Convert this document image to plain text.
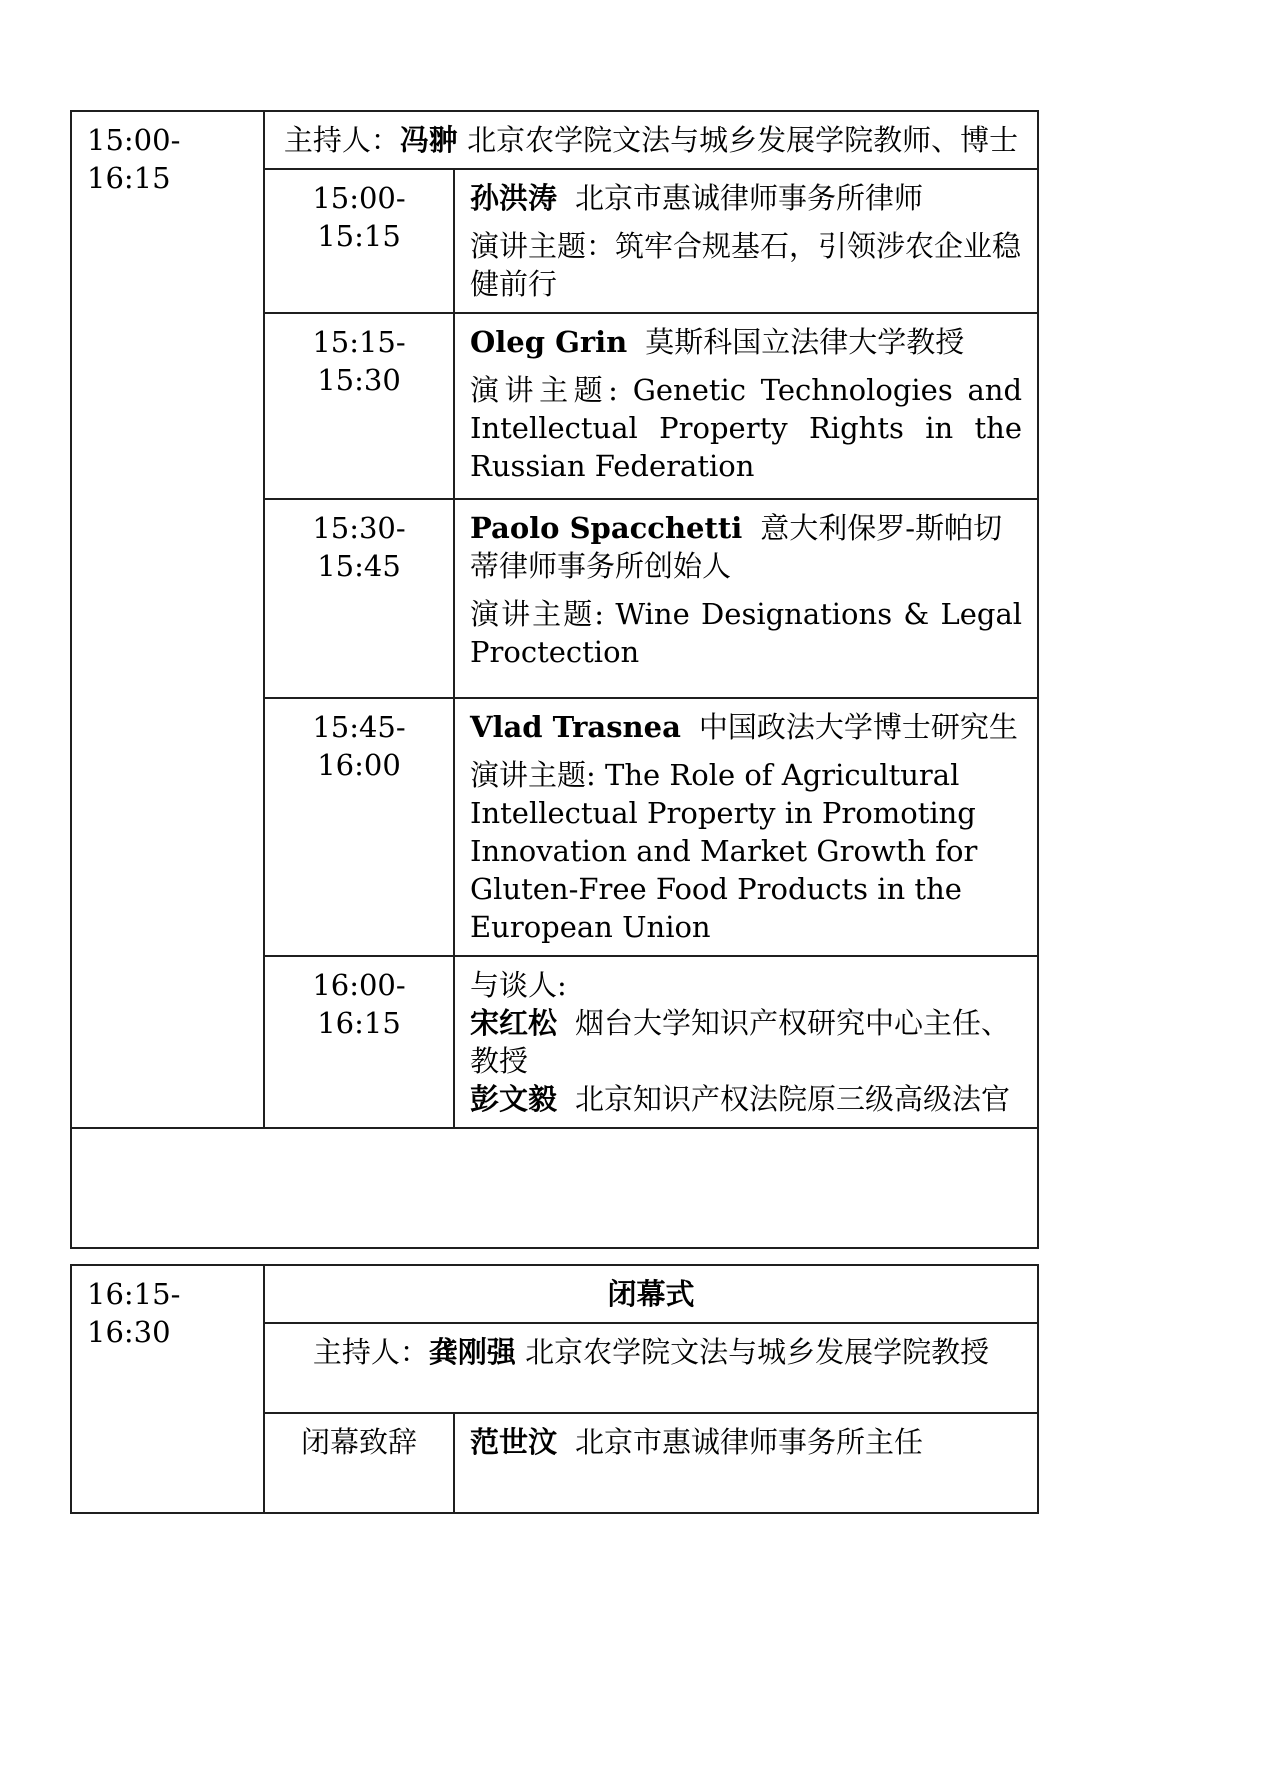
15:00-
16:15	主持人：冯翀 北京农学院文法与城乡发展学院教师、博士	
	15:00-15:15	孙洪涛 北京市惠诚律师事务所律师
演讲主题：筑牢合规基石，引领涉农企业稳健前行

	15:15-15:30	Oleg Grin 莫斯科国立法律大学教授
演讲主题: Genetic Technologies and Intellectual Property Rights in the Russian Federation

	15:30-15:45	Paolo Spacchetti 意大利保罗-斯帕切蒂律师事务所创始人
演讲主题: Wine Designations & Legal Proctection

	15:45-16:00	Vlad Trasnea 中国政法大学博士研究生
演讲主题: The Role of Agricultural Intellectual Property in Promoting Innovation and Market Growth for Gluten-Free Food Products in the European Union

	16:00-16:15	与谈人:
宋红松 烟台大学知识产权研究中心主任、教授
彭文毅 北京知识产权法院原三级高级法官

16:15-
16:30	闭幕式	
	主持人：龚刚强 北京农学院文法与城乡发展学院教授	
	闭幕致辞	范世汶 北京市惠诚律师事务所主任
